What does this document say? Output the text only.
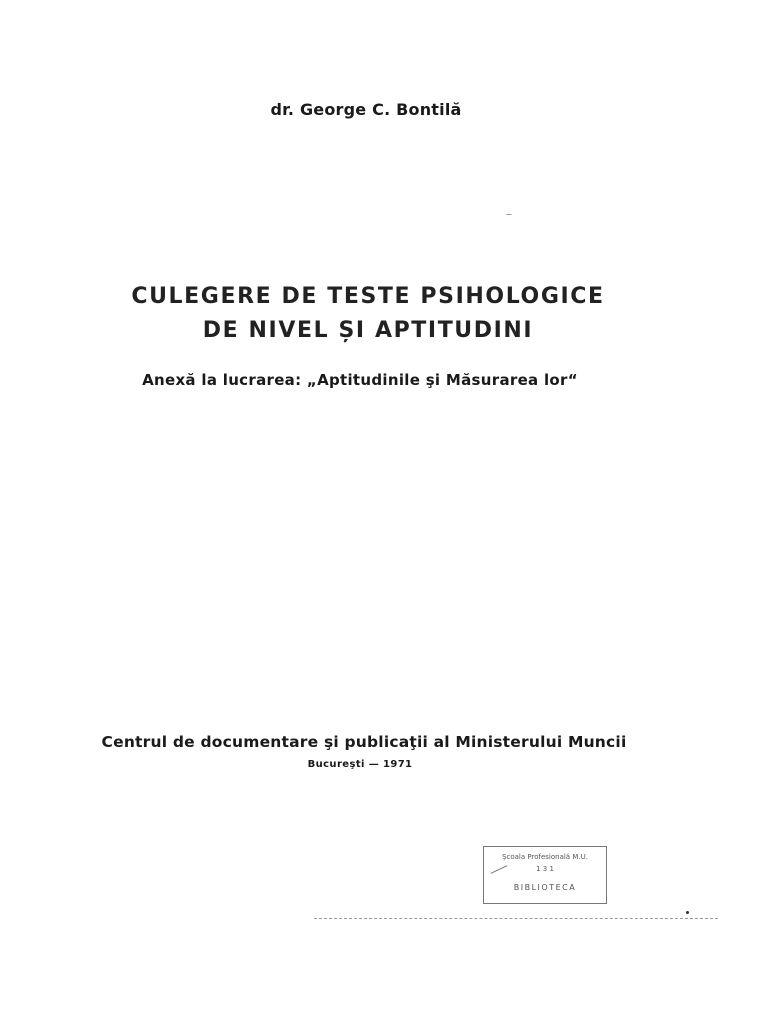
dr. George C. Bontilă
CULEGERE DE TESTE PSIHOLOGICE
DE NIVEL ȘI APTITUDINI
Anexă la lucrarea: „Aptitudinile şi Măsurarea lor“
Centrul de documentare şi publicaţii al Ministerului Muncii
Bucureşti — 1971
Școala Profesională M.U.
1 3 1
BIBLIOTECA
